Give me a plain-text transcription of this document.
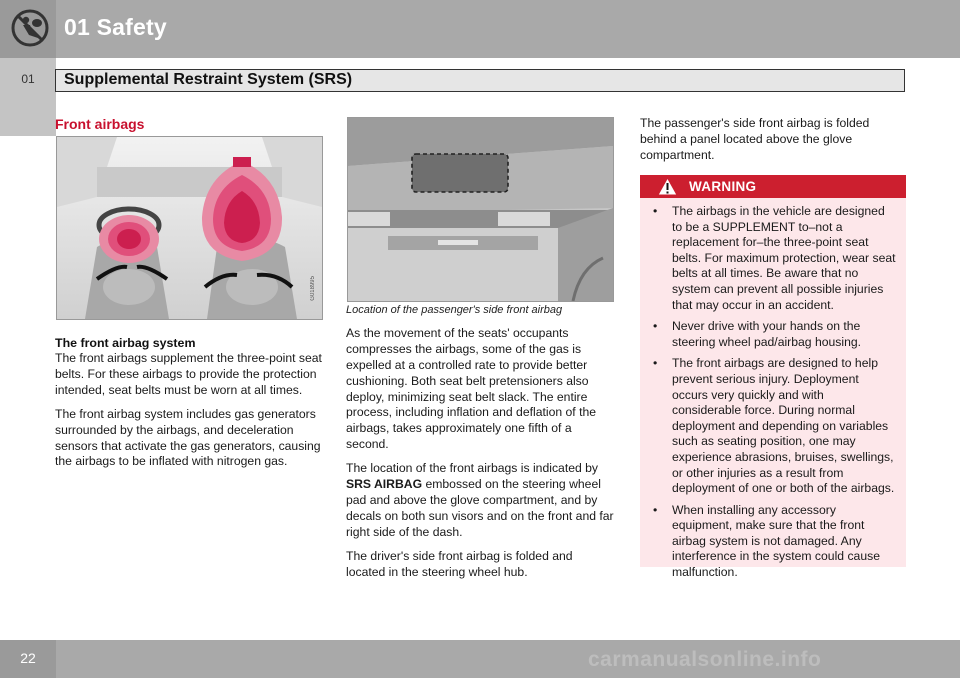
01 Safety
01	Supplemental Restraint System (SRS)
Front airbags
G018995

The front airbag system

The front airbags supplement the three-point seat belts. For these airbags to provide the protection intended, seat belts must be worn at all times.

The front airbag system includes gas generators surrounded by the airbags, and deceleration sensors that activate the gas generators, causing the airbags to be inflated with nitrogen gas.

Location of the passenger's side front airbag

As the movement of the seats' occupants compresses the airbags, some of the gas is expelled at a controlled rate to provide better cushioning. Both seat belt pretensioners also deploy, minimizing seat belt slack. The entire process, including inflation and deflation of the airbags, takes approximately one fifth of a second.

The location of the front airbags is indicated by SRS AIRBAG embossed on the steering wheel pad and above the glove compartment, and by decals on both sun visors and on the front and far right side of the dash.

The driver's side front airbag is folded and located in the steering wheel hub.

The passenger's side front airbag is folded behind a panel located above the glove compartment.
WARNING
• The airbags in the vehicle are designed to be a SUPPLEMENT to–not a replacement for–the three-point seat belts. For maximum protection, wear seat belts at all times. Be aware that no system can prevent all possible injuries that may occur in an accident.
• Never drive with your hands on the steering wheel pad/airbag housing.
• The front airbags are designed to help prevent serious injury. Deployment occurs very quickly and with considerable force. During normal deployment and depending on variables such as seating position, one may experience abrasions, bruises, swellings, or other injuries as a result from deployment of one or both of the airbags.
• When installing any accessory equipment, make sure that the front airbag system is not damaged. Any interference in the system could cause malfunction.
22	carmanualsonline.info
